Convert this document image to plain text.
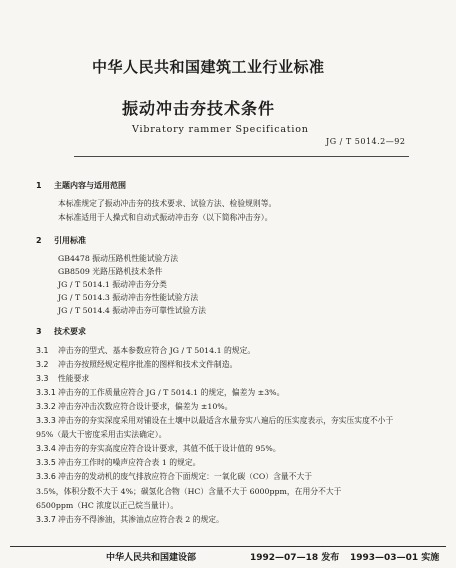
中华人民共和国建筑工业行业标准
振动冲击夯技术条件
Vibratory rammer Specification
JG / T 5014.2—92
1	主题内容与适用范围
本标准规定了振动冲击夯的技术要求、试验方法、检验规则等。
本标准适用于人操式和自动式振动冲击夯（以下简称冲击夯）。
2	引用标准
GB4478 振动压路机性能试验方法
GB8509 光路压路机技术条件
JG / T 5014.1 振动冲击夯分类
JG / T 5014.3 振动冲击夯性能试验方法
JG / T 5014.4 振动冲击夯可靠性试验方法
3	技术要求
3.1	冲击夯的型式、基本参数应符合 JG / T 5014.1 的规定。
3.2	冲击夯按照经规定程序批准的图样和技术文件制造。
3.3	性能要求
3.3.1 冲击夯的工作质量应符合 JG / T 5014.1 的规定，偏差为 ±3%。
3.3.2 冲击夯冲击次数应符合设计要求，偏差为 ±10%。
3.3.3 冲击夯的夯实深度采用对铺设在土壤中以最适含水量夯实八遍后的压实度表示，夯实压实度不小于
95%（最大干密度采用击实法确定）。
3.3.4 冲击夯的夯实高度应符合设计要求，其值不低于设计值的 95%。
3.3.5 冲击夯工作时的噪声应符合表 1 的规定。
3.3.6 冲击夯的发动机的废气排放应符合下面规定：一氧化碳（CO）含量不大于
3.5%，体积分数不大于 4%；碳氢化合物（HC）含量不大于 6000ppm，在用分不大于
6500ppm（HC 浓度以正己烷当量计）。
3.3.7 冲击夯不得渗油，其渗油点应符合表 2 的规定。
中华人民共和国建设部	1992—07—18 发布 1993—03—01 实施
